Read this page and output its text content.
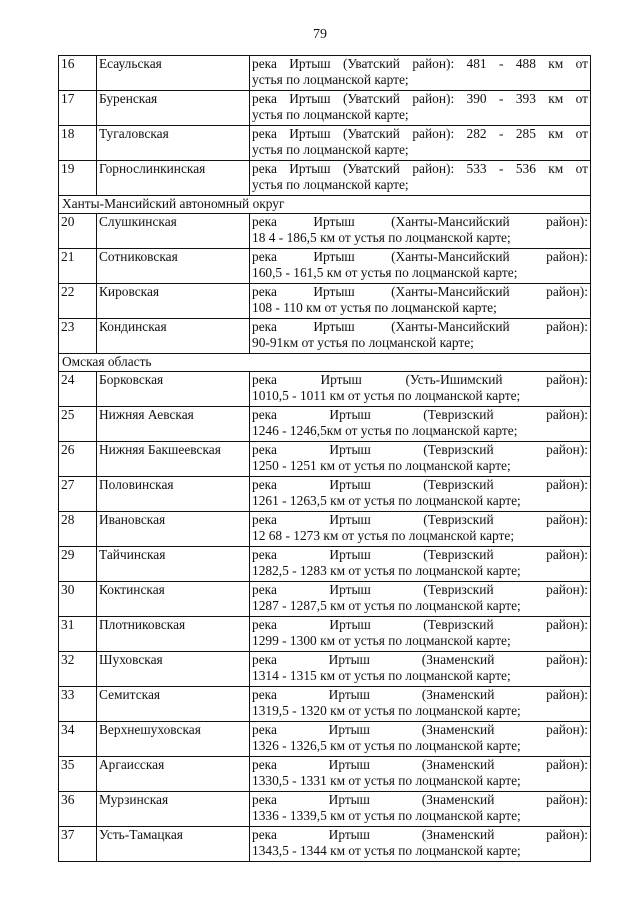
79
16	Есаульская	река Иртыш (Уватский район): 481 - 488 км от
устья по лоцманской карте;

17	Буренская	река Иртыш (Уватский район): 390 - 393 км от
устья по лоцманской карте;

18	Тугаловская	река Иртыш (Уватский район): 282 - 285 км от
устья по лоцманской карте;

19	Горнослинкинская	река Иртыш (Уватский район): 533 - 536 км от
устья по лоцманской карте;

Ханты-Мансийский автономный округ		
20	Слушкинская	река Иртыш (Ханты-Мансийский район):
18 4 - 186,5 км от устья по лоцманской карте;

21	Сотниковская	река Иртыш (Ханты-Мансийский район):
160,5 - 161,5 км от устья по лоцманской карте;

22	Кировская	река Иртыш (Ханты-Мансийский район):
108 - 110 км от устья по лоцманской карте;

23	Кондинская	река Иртыш (Ханты-Мансийский район):
90-91км от устья по лоцманской карте;

Омская область		
24	Борковская	река Иртыш (Усть-Ишимский район):
1010,5 - 1011 км от устья по лоцманской карте;

25	Нижняя Аевская	река Иртыш (Тевризский район):
1246 - 1246,5км от устья по лоцманской карте;

26	Нижняя Бакшеевская	река Иртыш (Тевризский район):
1250 - 1251 км от устья по лоцманской карте;

27	Половинская	река Иртыш (Тевризский район):
1261 - 1263,5 км от устья по лоцманской карте;

28	Ивановская	река Иртыш (Тевризский район):
12 68 - 1273 км от устья по лоцманской карте;

29	Тайчинская	река Иртыш (Тевризский район):
1282,5 - 1283 км от устья по лоцманской карте;

30	Коктинская	река Иртыш (Тевризский район):
1287 - 1287,5 км от устья по лоцманской карте;

31	Плотниковская	река Иртыш (Тевризский район):
1299 - 1300 км от устья по лоцманской карте;

32	Шуховская	река Иртыш (Знаменский район):
1314 - 1315 км от устья по лоцманской карте;

33	Семитская	река Иртыш (Знаменский район):
1319,5 - 1320 км от устья по лоцманской карте;

34	Верхнешуховская	река Иртыш (Знаменский район):
1326 - 1326,5 км от устья по лоцманской карте;

35	Аргаисская	река Иртыш (Знаменский район):
1330,5 - 1331 км от устья по лоцманской карте;

36	Мурзинская	река Иртыш (Знаменский район):
1336 - 1339,5 км от устья по лоцманской карте;

37	Усть-Тамацкая	река Иртыш (Знаменский район):
1343,5 - 1344 км от устья по лоцманской карте;
